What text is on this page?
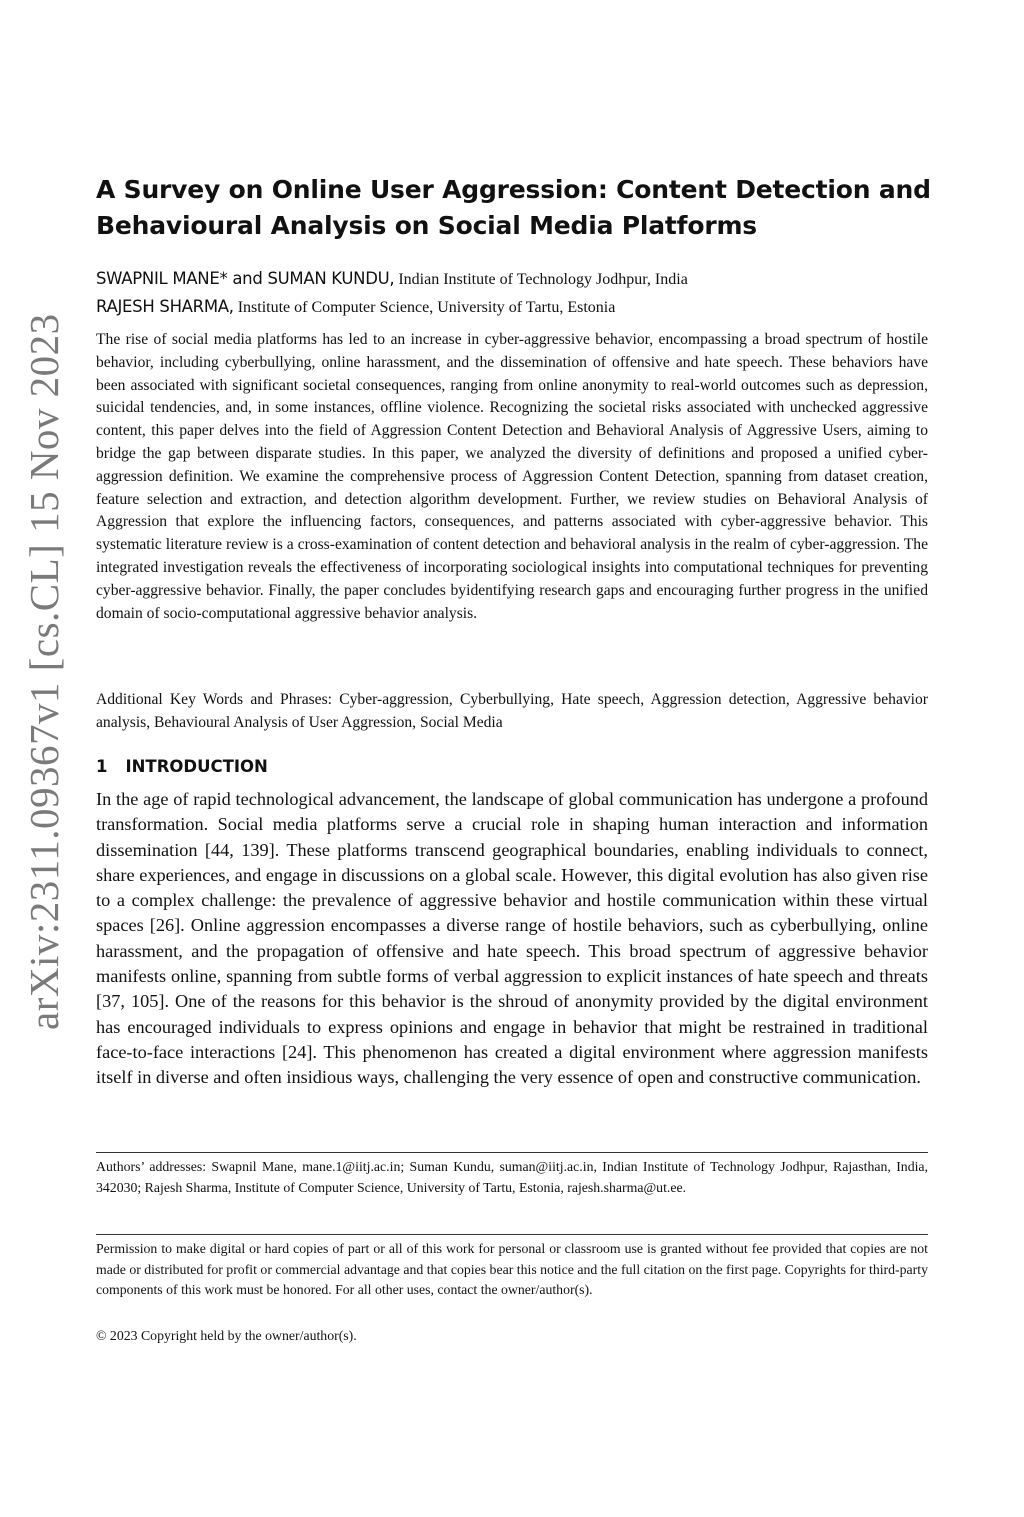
arXiv:2311.09367v1 [cs.CL] 15 Nov 2023
A Survey on Online User Aggression: Content Detection and Behavioural Analysis on Social Media Platforms
SWAPNIL MANE* and SUMAN KUNDU, Indian Institute of Technology Jodhpur, India
RAJESH SHARMA, Institute of Computer Science, University of Tartu, Estonia

The rise of social media platforms has led to an increase in cyber-aggressive behavior, encompassing a broad spectrum of hostile behavior, including cyberbullying, online harassment, and the dissemination of offensive and hate speech. These behaviors have been associated with significant societal consequences, ranging from online anonymity to real-world outcomes such as depression, suicidal tendencies, and, in some instances, offline violence. Recognizing the societal risks associated with unchecked aggressive content, this paper delves into the field of Aggression Content Detection and Behavioral Analysis of Aggressive Users, aiming to bridge the gap between disparate studies. In this paper, we analyzed the diversity of definitions and proposed a unified cyber-aggression definition. We examine the comprehensive process of Aggression Content Detection, spanning from dataset creation, feature selection and extraction, and detection algorithm development. Further, we review studies on Behavioral Analysis of Aggression that explore the influencing factors, consequences, and patterns associated with cyber-aggressive behavior. This systematic literature review is a cross-examination of content detection and behavioral analysis in the realm of cyber-aggression. The integrated investigation reveals the effectiveness of incorporating sociological insights into computational techniques for preventing cyber-aggressive behavior. Finally, the paper concludes byidentifying research gaps and encouraging further progress in the unified domain of socio-computational aggressive behavior analysis.

Additional Key Words and Phrases: Cyber-aggression, Cyberbullying, Hate speech, Aggression detection, Aggressive behavior analysis, Behavioural Analysis of User Aggression, Social Media

1 INTRODUCTION

In the age of rapid technological advancement, the landscape of global communication has undergone a profound transformation. Social media platforms serve a crucial role in shaping human interaction and information dissemination [44, 139]. These platforms transcend geographical boundaries, enabling individuals to connect, share experiences, and engage in discussions on a global scale. However, this digital evolution has also given rise to a complex challenge: the prevalence of aggressive behavior and hostile communication within these virtual spaces [26]. Online aggression encompasses a diverse range of hostile behaviors, such as cyberbullying, online harassment, and the propagation of offensive and hate speech. This broad spectrum of aggressive behavior manifests online, spanning from subtle forms of verbal aggression to explicit instances of hate speech and threats [37, 105]. One of the reasons for this behavior is the shroud of anonymity provided by the digital environment has encouraged individuals to express opinions and engage in behavior that might be restrained in traditional face-to-face interactions [24]. This phenomenon has created a digital environment where aggression manifests itself in diverse and often insidious ways, challenging the very essence of open and constructive communication.

Authors’ addresses: Swapnil Mane, mane.1@iitj.ac.in; Suman Kundu, suman@iitj.ac.in, Indian Institute of Technology Jodhpur, Rajasthan, India, 342030; Rajesh Sharma, Institute of Computer Science, University of Tartu, Estonia, rajesh.sharma@ut.ee.

Permission to make digital or hard copies of part or all of this work for personal or classroom use is granted without fee provided that copies are not made or distributed for profit or commercial advantage and that copies bear this notice and the full citation on the first page. Copyrights for third-party components of this work must be honored. For all other uses, contact the owner/author(s).

© 2023 Copyright held by the owner/author(s).
